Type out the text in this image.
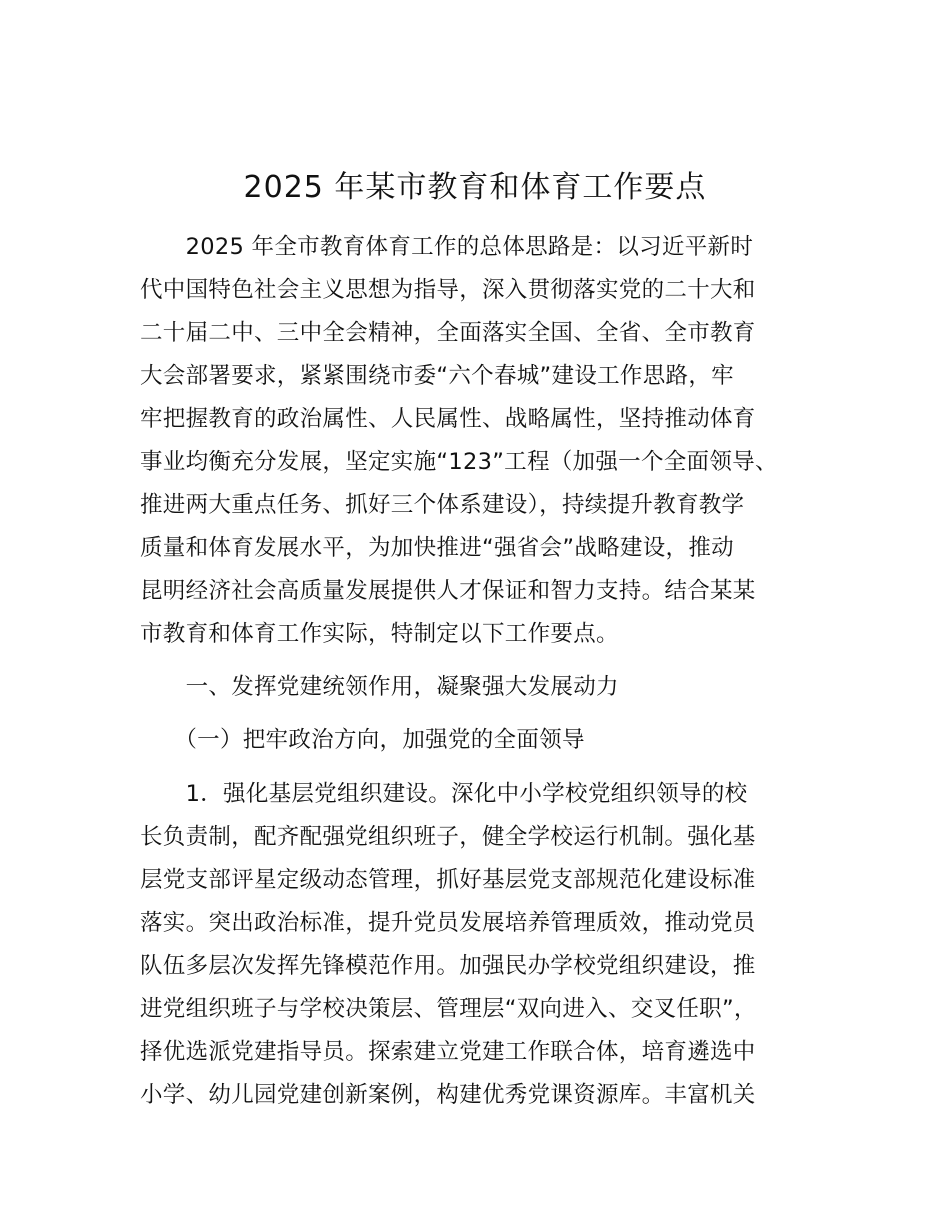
2025 年某市教育和体育工作要点
　　2025 年全市教育体育工作的总体思路是：以习近平新时
代中国特色社会主义思想为指导，深入贯彻落实党的二十大和
二十届二中、三中全会精神，全面落实全国、全省、全市教育
大会部署要求，紧紧围绕市委“六个春城”建设工作思路，牢
牢把握教育的政治属性、人民属性、战略属性，坚持推动体育
事业均衡充分发展，坚定实施“123”工程（加强一个全面领导、
推进两大重点任务、抓好三个体系建设），持续提升教育教学
质量和体育发展水平，为加快推进“强省会”战略建设，推动
昆明经济社会高质量发展提供人才保证和智力支持。结合某某
市教育和体育工作实际，特制定以下工作要点。
　　一、发挥党建统领作用，凝聚强大发展动力
　　（一）把牢政治方向，加强党的全面领导
　　1．强化基层党组织建设。深化中小学校党组织领导的校
长负责制，配齐配强党组织班子，健全学校运行机制。强化基
层党支部评星定级动态管理，抓好基层党支部规范化建设标准
落实。突出政治标准，提升党员发展培养管理质效，推动党员
队伍多层次发挥先锋模范作用。加强民办学校党组织建设，推
进党组织班子与学校决策层、管理层“双向进入、交叉任职”，
择优选派党建指导员。探索建立党建工作联合体，培育遴选中
小学、幼儿园党建创新案例，构建优秀党课资源库。丰富机关
